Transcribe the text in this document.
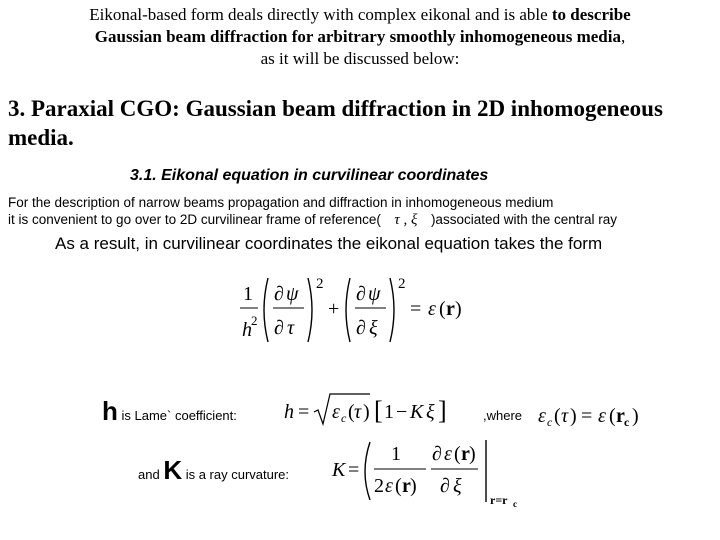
Eikonal-based form deals directly with complex eikonal and is able to describe
Gaussian beam diffraction for arbitrary smoothly inhomogeneous media,
as it will be discussed below:
3. Paraxial CGO: Gaussian beam diffraction in 2D inhomogeneous
media.
3.1. Eikonal equation in curvilinear coordinates
For the description of narrow beams propagation and diffraction in inhomogeneous medium
it is convenient to go over to 2D curvilinear frame of reference( τ , ξ )associated with the central ray
As a result, in curvilinear coordinates the eikonal equation takes the form
1
h 2
∂ ψ
∂ τ
2
+
∂ ψ
∂ ξ
2
= ε ( r )
h is Lame` coefficient: h = ε c ( τ ) [ 1 − K ξ ]	,where ε c ( τ ) = ε ( r c )
and K is a ray curvature: K =
1
2 ε ( r )
∂ ε ( r )
∂ ξ
r=r c
